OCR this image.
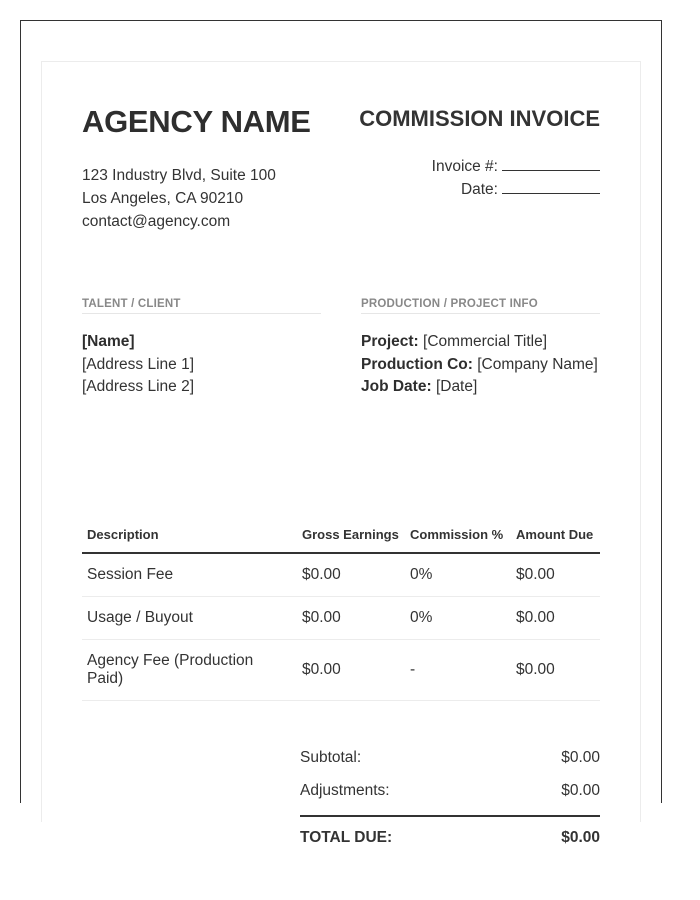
AGENCY NAME COMMISSION INVOICE
123 Industry Blvd, Suite 100
Los Angeles, CA 90210
contact@agency.com
Invoice #:
Date:
TALENT / CLIENT
[Name]
[Address Line 1]
[Address Line 2]
PRODUCTION / PROJECT INFO
Project: [Commercial Title]
Production Co: [Company Name]
Job Date: [Date]
Description	Gross Earnings	Commission %	Amount Due
Session Fee	$0.00	0%	$0.00
Usage / Buyout	$0.00	0%	$0.00
Agency Fee (Production Paid)	$0.00	-	$0.00
Subtotal:	$0.00
Adjustments:	$0.00
TOTAL DUE:	$0.00
